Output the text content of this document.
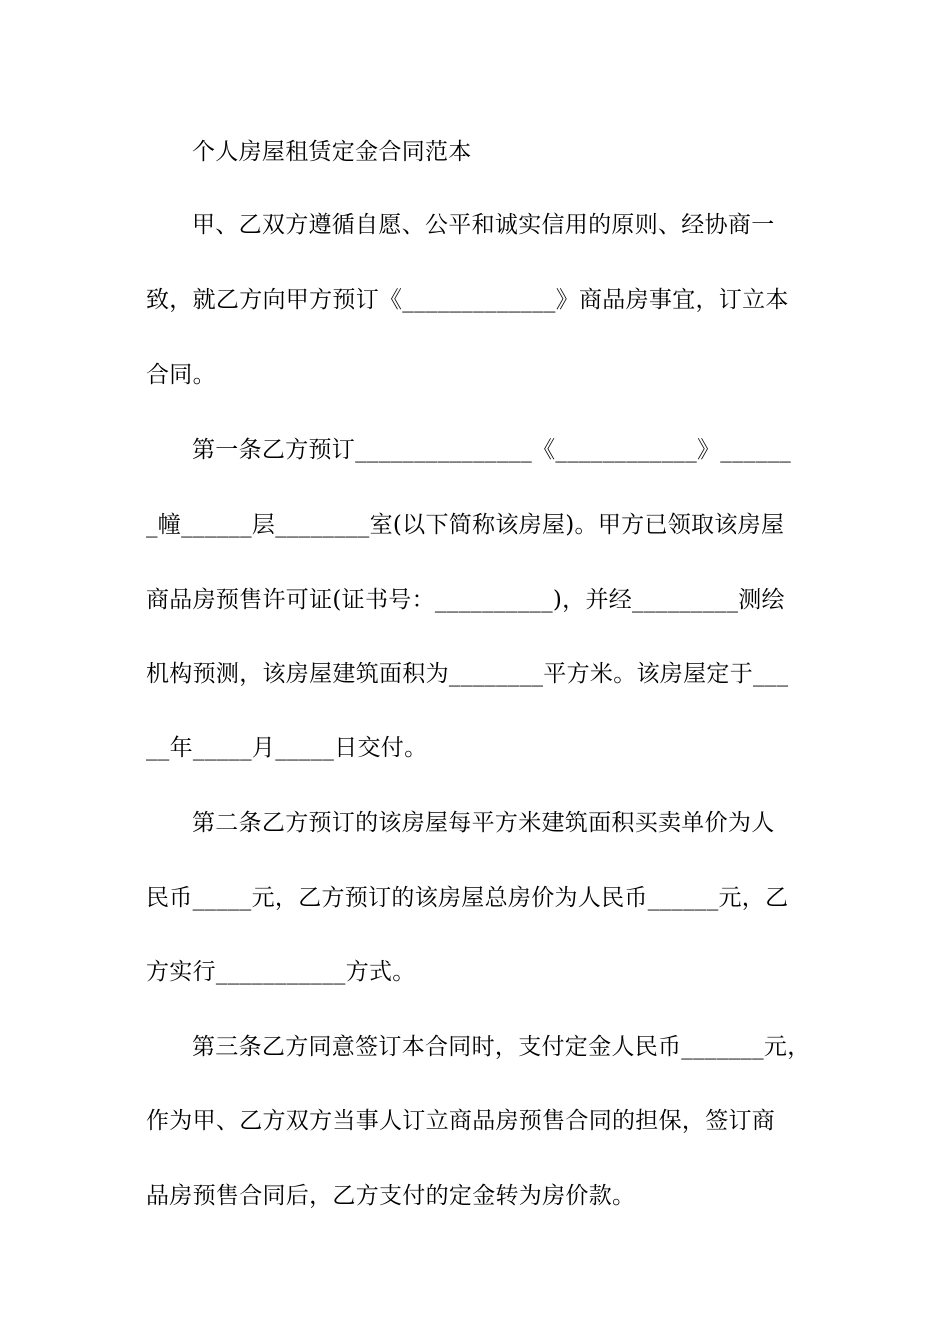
个人房屋租赁定金合同范本
甲、乙双方遵循自愿、公平和诚实信用的原则、经协商一
致，就乙方向甲方预订《_____________》商品房事宜，订立本
合同。
第一条乙方预订_______________《____________》______
_幢______层________室(以下简称该房屋)。甲方已领取该房屋
商品房预售许可证(证书号：__________)，并经_________测绘
机构预测，该房屋建筑面积为________平方米。该房屋定于___
__年_____月_____日交付。
第二条乙方预订的该房屋每平方米建筑面积买卖单价为人
民币_____元，乙方预订的该房屋总房价为人民币______元，乙
方实行___________方式。
第三条乙方同意签订本合同时，支付定金人民币_______元，
作为甲、乙方双方当事人订立商品房预售合同的担保，签订商
品房预售合同后，乙方支付的定金转为房价款。
